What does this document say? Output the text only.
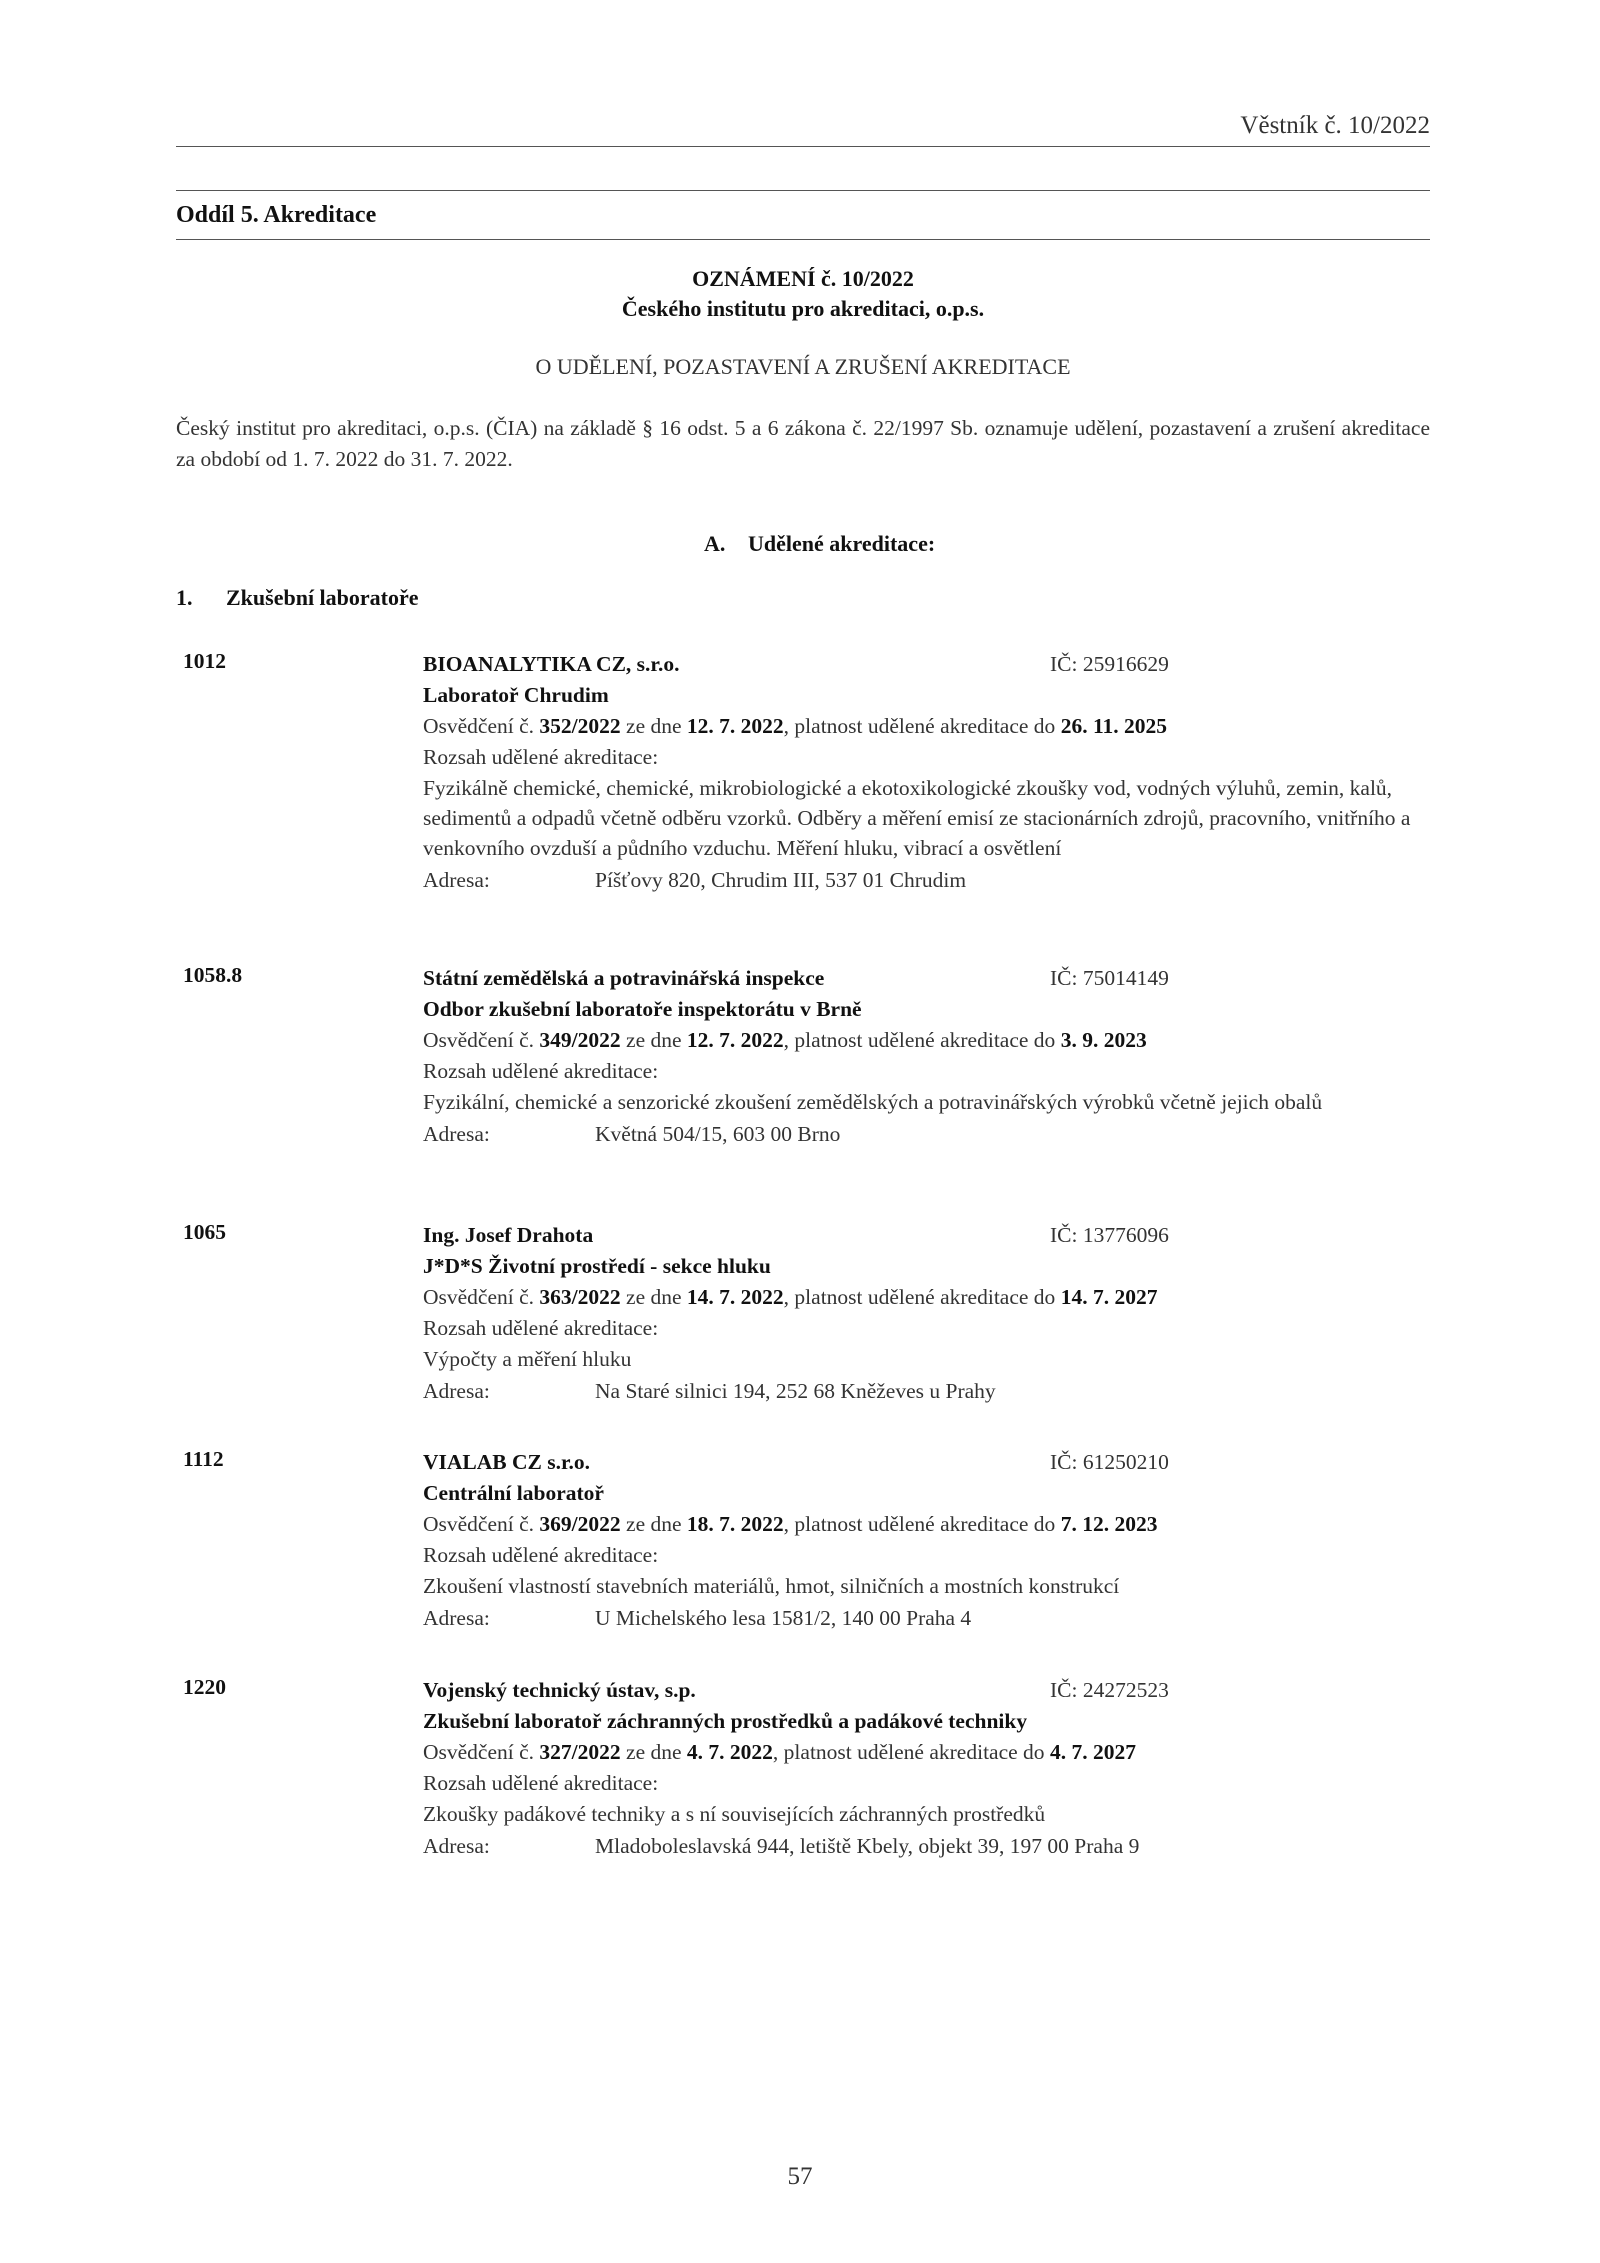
Věstník č. 10/2022
Oddíl 5. Akreditace
OZNÁMENÍ č. 10/2022
Českého institutu pro akreditaci, o.p.s.
O UDĚLENÍ, POZASTAVENÍ A ZRUŠENÍ AKREDITACE
Český institut pro akreditaci, o.p.s. (ČIA) na základě § 16 odst. 5 a 6 zákona č. 22/1997 Sb. oznamuje udělení, pozastavení a zrušení akreditace za období od 1. 7. 2022 do 31. 7. 2022.
A. Udělené akreditace:
1. Zkušební laboratoře
1012	BIOANALYTIKA CZ, s.r.o.	IČ: 25916629
Laboratoř Chrudim
Osvědčení č. 352/2022 ze dne 12. 7. 2022, platnost udělené akreditace do 26. 11. 2025
Rozsah udělené akreditace:
Fyzikálně chemické, chemické, mikrobiologické a ekotoxikologické zkoušky vod, vodných výluhů, zemin, kalů, sedimentů a odpadů včetně odběru vzorků. Odběry a měření emisí ze stacionárních zdrojů, pracovního, vnitřního a venkovního ovzduší a půdního vzduchu. Měření hluku, vibrací a osvětlení
Adresa:	Píšťovy 820, Chrudim III, 537 01 Chrudim
1058.8	Státní zemědělská a potravinářská inspekce	IČ: 75014149
Odbor zkušební laboratoře inspektorátu v Brně
Osvědčení č. 349/2022 ze dne 12. 7. 2022, platnost udělené akreditace do 3. 9. 2023
Rozsah udělené akreditace:
Fyzikální, chemické a senzorické zkoušení zemědělských a potravinářských výrobků včetně jejich obalů
Adresa:	Květná 504/15, 603 00 Brno
1065	Ing. Josef Drahota	IČ: 13776096
J*D*S Životní prostředí - sekce hluku
Osvědčení č. 363/2022 ze dne 14. 7. 2022, platnost udělené akreditace do 14. 7. 2027
Rozsah udělené akreditace:
Výpočty a měření hluku
Adresa:	Na Staré silnici 194, 252 68 Kněževes u Prahy
1112	VIALAB CZ s.r.o.	IČ: 61250210
Centrální laboratoř
Osvědčení č. 369/2022 ze dne 18. 7. 2022, platnost udělené akreditace do 7. 12. 2023
Rozsah udělené akreditace:
Zkoušení vlastností stavebních materiálů, hmot, silničních a mostních konstrukcí
Adresa:	U Michelského lesa 1581/2, 140 00 Praha 4
1220	Vojenský technický ústav, s.p.	IČ: 24272523
Zkušební laboratoř záchranných prostředků a padákové techniky
Osvědčení č. 327/2022 ze dne 4. 7. 2022, platnost udělené akreditace do 4. 7. 2027
Rozsah udělené akreditace:
Zkoušky padákové techniky a s ní souvisejících záchranných prostředků
Adresa:	Mladoboleslavská 944, letiště Kbely, objekt 39, 197 00 Praha 9
57
